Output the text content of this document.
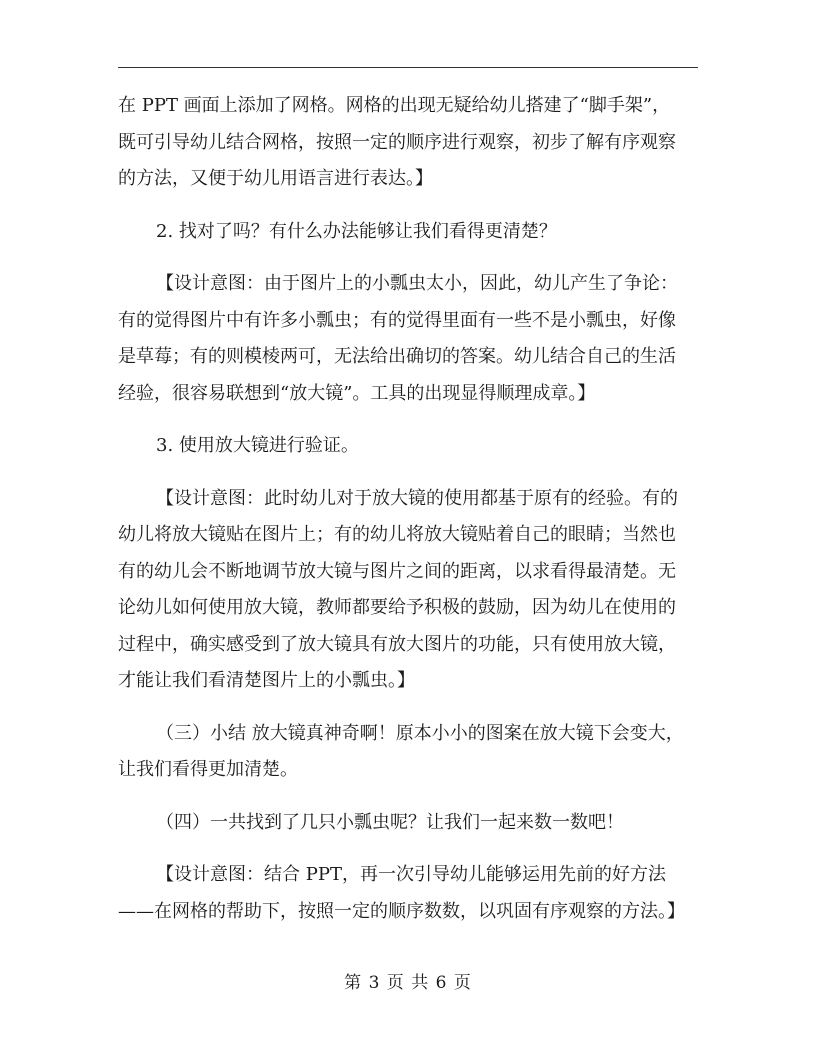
在 PPT 画面上添加了网格。网格的出现无疑给幼儿搭建了“脚手架”，
既可引导幼儿结合网格，按照一定的顺序进行观察，初步了解有序观察
的方法，又便于幼儿用语言进行表达。】

2. 找对了吗？有什么办法能够让我们看得更清楚？

【设计意图：由于图片上的小瓢虫太小，因此，幼儿产生了争论：
有的觉得图片中有许多小瓢虫；有的觉得里面有一些不是小瓢虫，好像
是草莓；有的则模棱两可，无法给出确切的答案。幼儿结合自己的生活
经验，很容易联想到“放大镜”。工具的出现显得顺理成章。】

3. 使用放大镜进行验证。

【设计意图：此时幼儿对于放大镜的使用都基于原有的经验。有的
幼儿将放大镜贴在图片上；有的幼儿将放大镜贴着自己的眼睛；当然也
有的幼儿会不断地调节放大镜与图片之间的距离，以求看得最清楚。无
论幼儿如何使用放大镜，教师都要给予积极的鼓励，因为幼儿在使用的
过程中，确实感受到了放大镜具有放大图片的功能，只有使用放大镜，
才能让我们看清楚图片上的小瓢虫。】

（三）小结 放大镜真神奇啊！原本小小的图案在放大镜下会变大，
让我们看得更加清楚。

（四）一共找到了几只小瓢虫呢？让我们一起来数一数吧！

【设计意图：结合 PPT，再一次引导幼儿能够运用先前的好方法
——在网格的帮助下，按照一定的顺序数数，以巩固有序观察的方法。】

第 3 页 共 6 页
